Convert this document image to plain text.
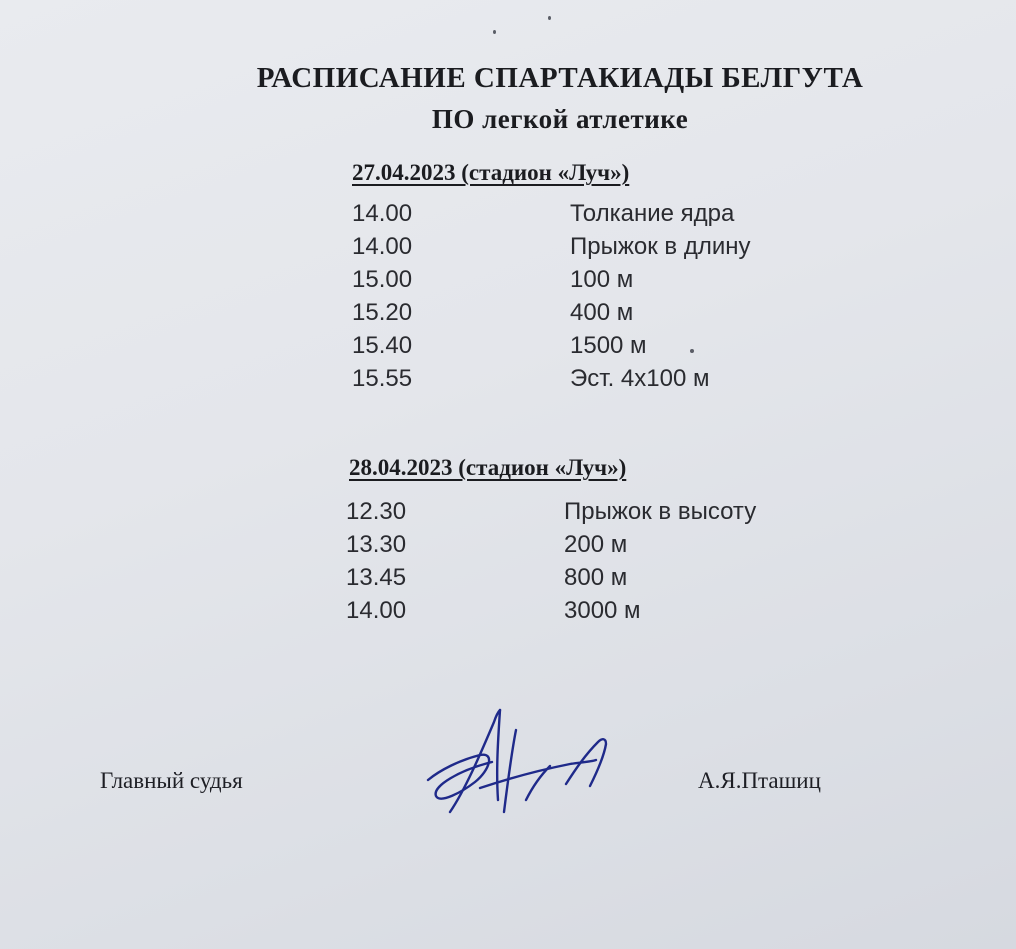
РАСПИСАНИЕ СПАРТАКИАДЫ БЕЛГУТА
ПО легкой атлетике
27.04.2023 (стадион «Луч»)
14.00	Толкание ядра
14.00	Прыжок в длину
15.00	100 м
15.20	400 м
15.40	1500 м
15.55	Эст. 4х100 м
28.04.2023 (стадион «Луч»)
12.30	Прыжок в высоту
13.30	200 м
13.45	800 м
14.00	3000 м
Главный судья	А.Я.Пташиц
